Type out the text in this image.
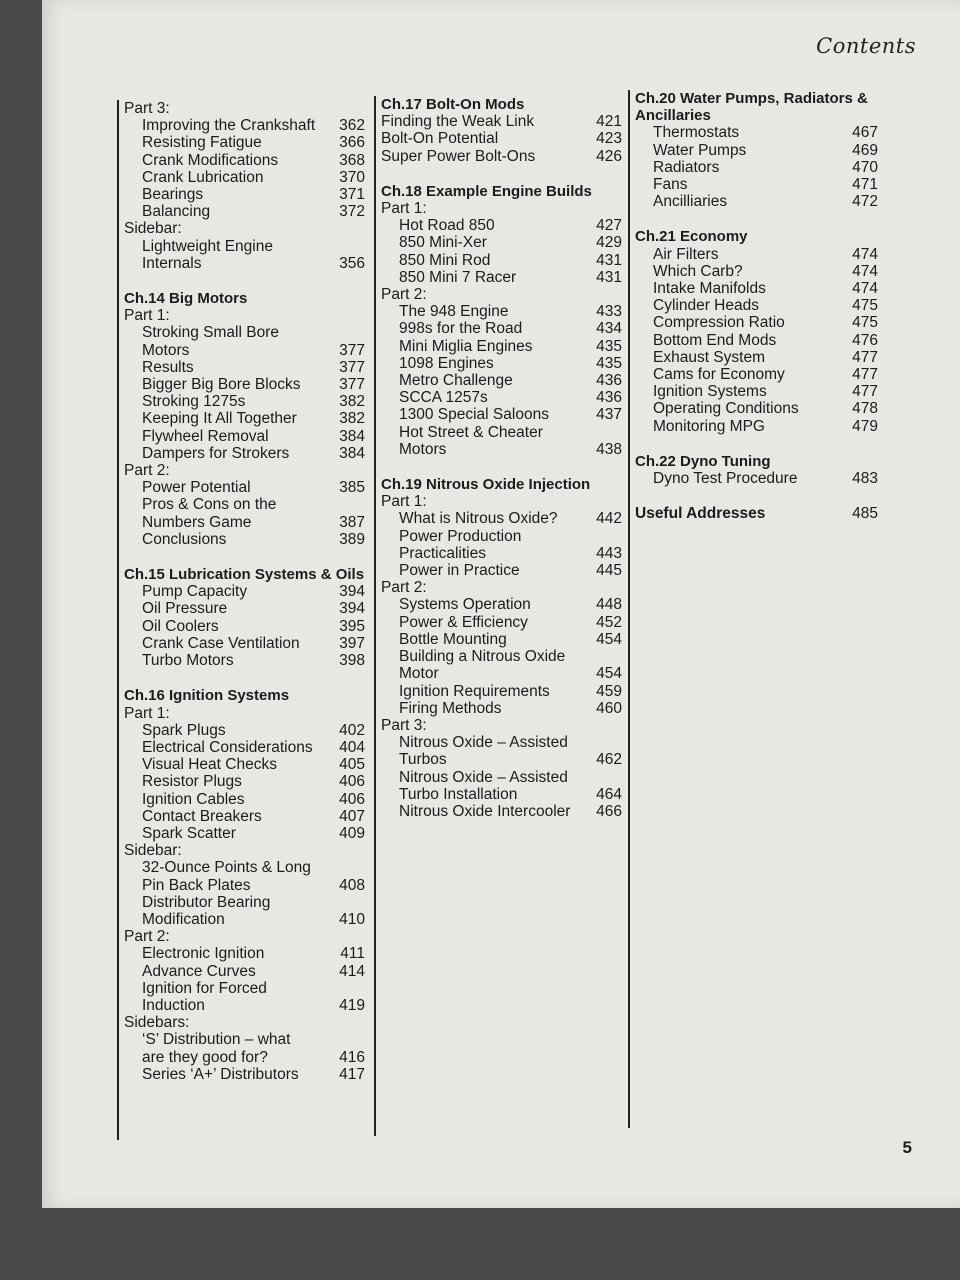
Contents
Part 3:
Improving the Crankshaft 362
Resisting Fatigue	366
Crank Modifications	368
Crank Lubrication	370
Bearings	371
Balancing	372
Sidebar:
Lightweight Engine
Internals	356
Ch.14 Big Motors
Part 1:
Stroking Small Bore
Motors	377
Results	377
Bigger Big Bore Blocks 377
Stroking 1275s	382
Keeping It All Together	382
Flywheel Removal	384
Dampers for Strokers	384
Part 2:
Power Potential	385
Pros & Cons on the
Numbers Game	387
Conclusions	389
Ch.15 Lubrication Systems & Oils
Pump Capacity	394
Oil Pressure	394
Oil Coolers	395
Crank Case Ventilation	397
Turbo Motors	398
Ch.16 Ignition Systems
Part 1:
Spark Plugs	402
Electrical Considerations 404
Visual Heat Checks	405
Resistor Plugs	406
Ignition Cables	406
Contact Breakers	407
Spark Scatter	409
Sidebar:
32-Ounce Points & Long
Pin Back Plates	408
Distributor Bearing
Modification	410
Part 2:
Electronic Ignition	411
Advance Curves	414
Ignition for Forced
Induction	419
Sidebars:
‘S’ Distribution – what
are they good for?	416
Series ‘A+’ Distributors	417
Ch.17 Bolt-On Mods
Finding the Weak Link	421
Bolt-On Potential	423
Super Power Bolt-Ons	426
Ch.18 Example Engine Builds
Part 1:
Hot Road 850	427
850 Mini-Xer	429
850 Mini Rod	431
850 Mini 7 Racer	431
Part 2:
The 948 Engine	433
998s for the Road	434
Mini Miglia Engines	435
1098 Engines	435
Metro Challenge	436
SCCA 1257s	436
1300 Special Saloons	437
Hot Street & Cheater
Motors	438
Ch.19 Nitrous Oxide Injection
Part 1:
What is Nitrous Oxide? 442
Power Production
Practicalities	443
Power in Practice	445
Part 2:
Systems Operation	448
Power & Efficiency	452
Bottle Mounting	454
Building a Nitrous Oxide
Motor	454
Ignition Requirements	459
Firing Methods	460
Part 3:
Nitrous Oxide – Assisted
Turbos	462
Nitrous Oxide – Assisted
Turbo Installation	464
Nitrous Oxide Intercooler 466
Ch.20 Water Pumps, Radiators & Ancillaries
Thermostats	467
Water Pumps	469
Radiators	470
Fans	471
Ancilliaries	472
Ch.21 Economy
Air Filters	474
Which Carb?	474
Intake Manifolds	474
Cylinder Heads	475
Compression Ratio	475
Bottom End Mods	476
Exhaust System	477
Cams for Economy	477
Ignition Systems	477
Operating Conditions	478
Monitoring MPG	479
Ch.22 Dyno Tuning
Dyno Test Procedure	483
Useful Addresses	485
5
